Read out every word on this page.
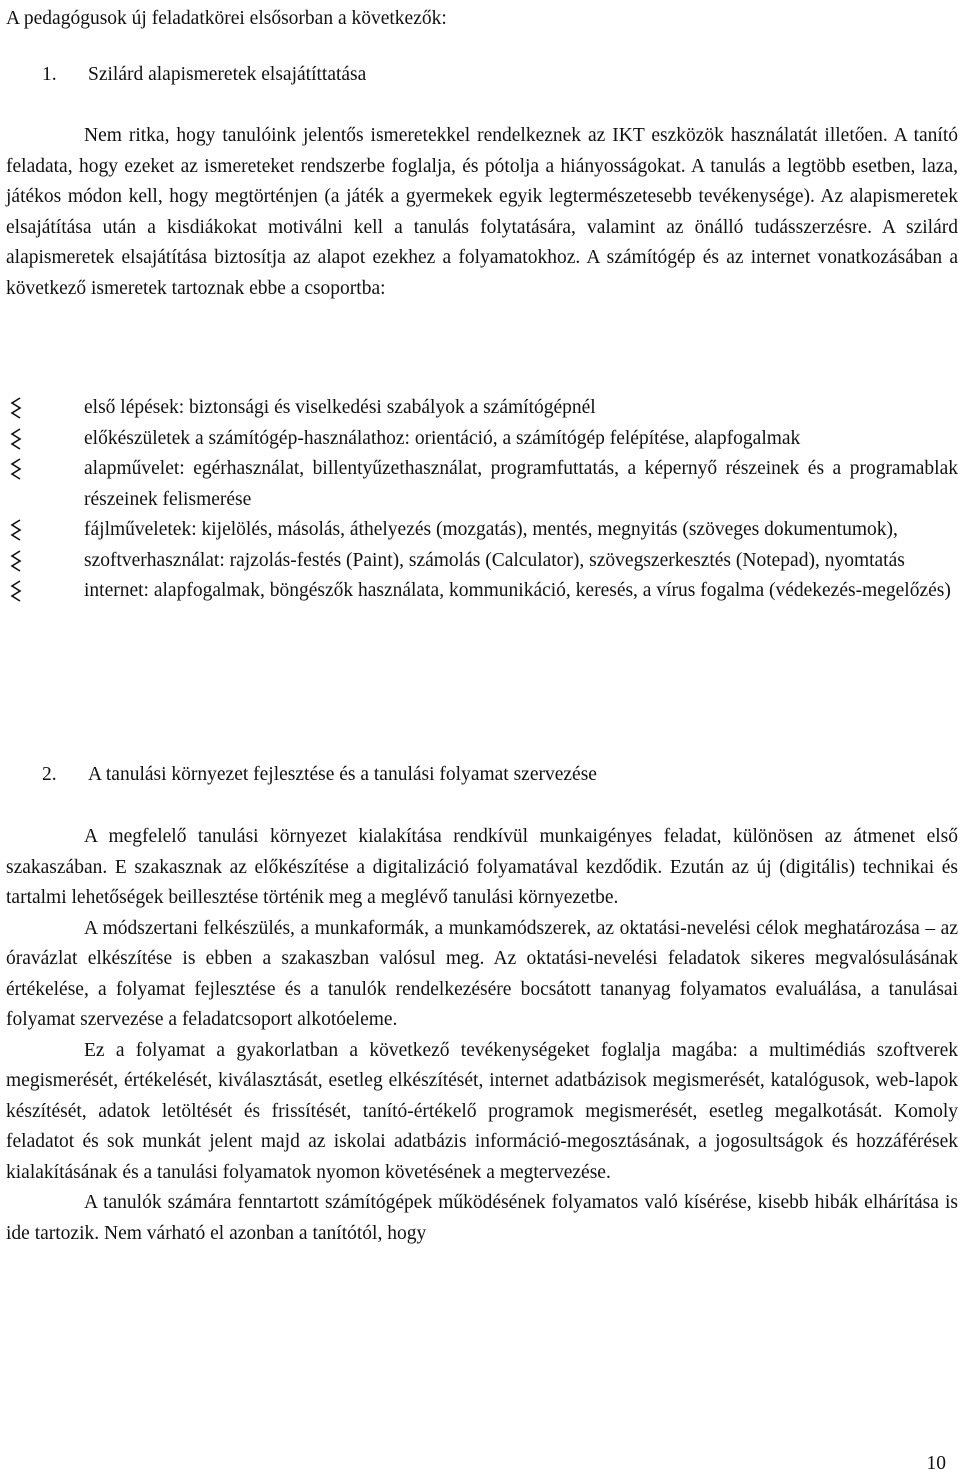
A pedagógusok új feladatkörei elsősorban a következők:

1. Szilárd alapismeretek elsajátíttatása

Nem ritka, hogy tanulóink jelentős ismeretekkel rendelkeznek az IKT eszközök használatát illetően. A tanító feladata, hogy ezeket az ismereteket rendszerbe foglalja, és pótolja a hiányosságokat. A tanulás a legtöbb esetben, laza, játékos módon kell, hogy megtörténjen (a játék a gyermekek egyik legtermészetesebb tevékenysége). Az alapismeretek elsajátítása után a kisdiákokat motiválni kell a tanulás folytatására, valamint az önálló tudásszerzésre. A szilárd alapismeretek elsajátítása biztosítja az alapot ezekhez a folyamatokhoz. A számítógép és az internet vonatkozásában a következő ismeretek tartoznak ebbe a csoportba:

első lépések: biztonsági és viselkedési szabályok a számítógépnél
előkészületek a számítógép-használathoz: orientáció, a számítógép felépítése, alapfogalmak
alapművelet: egérhasználat, billentyűzethasználat, programfuttatás, a képernyő részeinek és a programablak részeinek felismerése
fájlműveletek: kijelölés, másolás, áthelyezés (mozgatás), mentés, megnyitás (szöveges dokumentumok),
szoftverhasználat: rajzolás-festés (Paint), számolás (Calculator), szövegszerkesztés (Notepad), nyomtatás
internet: alapfogalmak, böngészők használata, kommunikáció, keresés, a vírus fogalma (védekezés-megelőzés)
2. A tanulási környezet fejlesztése és a tanulási folyamat szervezése

A megfelelő tanulási környezet kialakítása rendkívül munkaigényes feladat, különösen az átmenet első szakaszában. E szakasznak az előkészítése a digitalizáció folyamatával kezdődik. Ezután az új (digitális) technikai és tartalmi lehetőségek beillesztése történik meg a meglévő tanulási környezetbe.

A módszertani felkészülés, a munkaformák, a munkamódszerek, az oktatási-nevelési célok meghatározása – az óravázlat elkészítése is ebben a szakaszban valósul meg. Az oktatási-nevelési feladatok sikeres megvalósulásának értékelése, a folyamat fejlesztése és a tanulók rendelkezésére bocsátott tananyag folyamatos evaluálása, a tanulásai folyamat szervezése a feladatcsoport alkotóeleme.

Ez a folyamat a gyakorlatban a következő tevékenységeket foglalja magába: a multimédiás szoftverek megismerését, értékelését, kiválasztását, esetleg elkészítését, internet adatbázisok megismerését, katalógusok, web-lapok készítését, adatok letöltését és frissítését, tanító-értékelő programok megismerését, esetleg megalkotását. Komoly feladatot és sok munkát jelent majd az iskolai adatbázis információ-megosztásának, a jogosultságok és hozzáférések kialakításának és a tanulási folyamatok nyomon követésének a megtervezése.

A tanulók számára fenntartott számítógépek működésének folyamatos való kísérése, kisebb hibák elhárítása is ide tartozik. Nem várható el azonban a tanítótól, hogy

10
